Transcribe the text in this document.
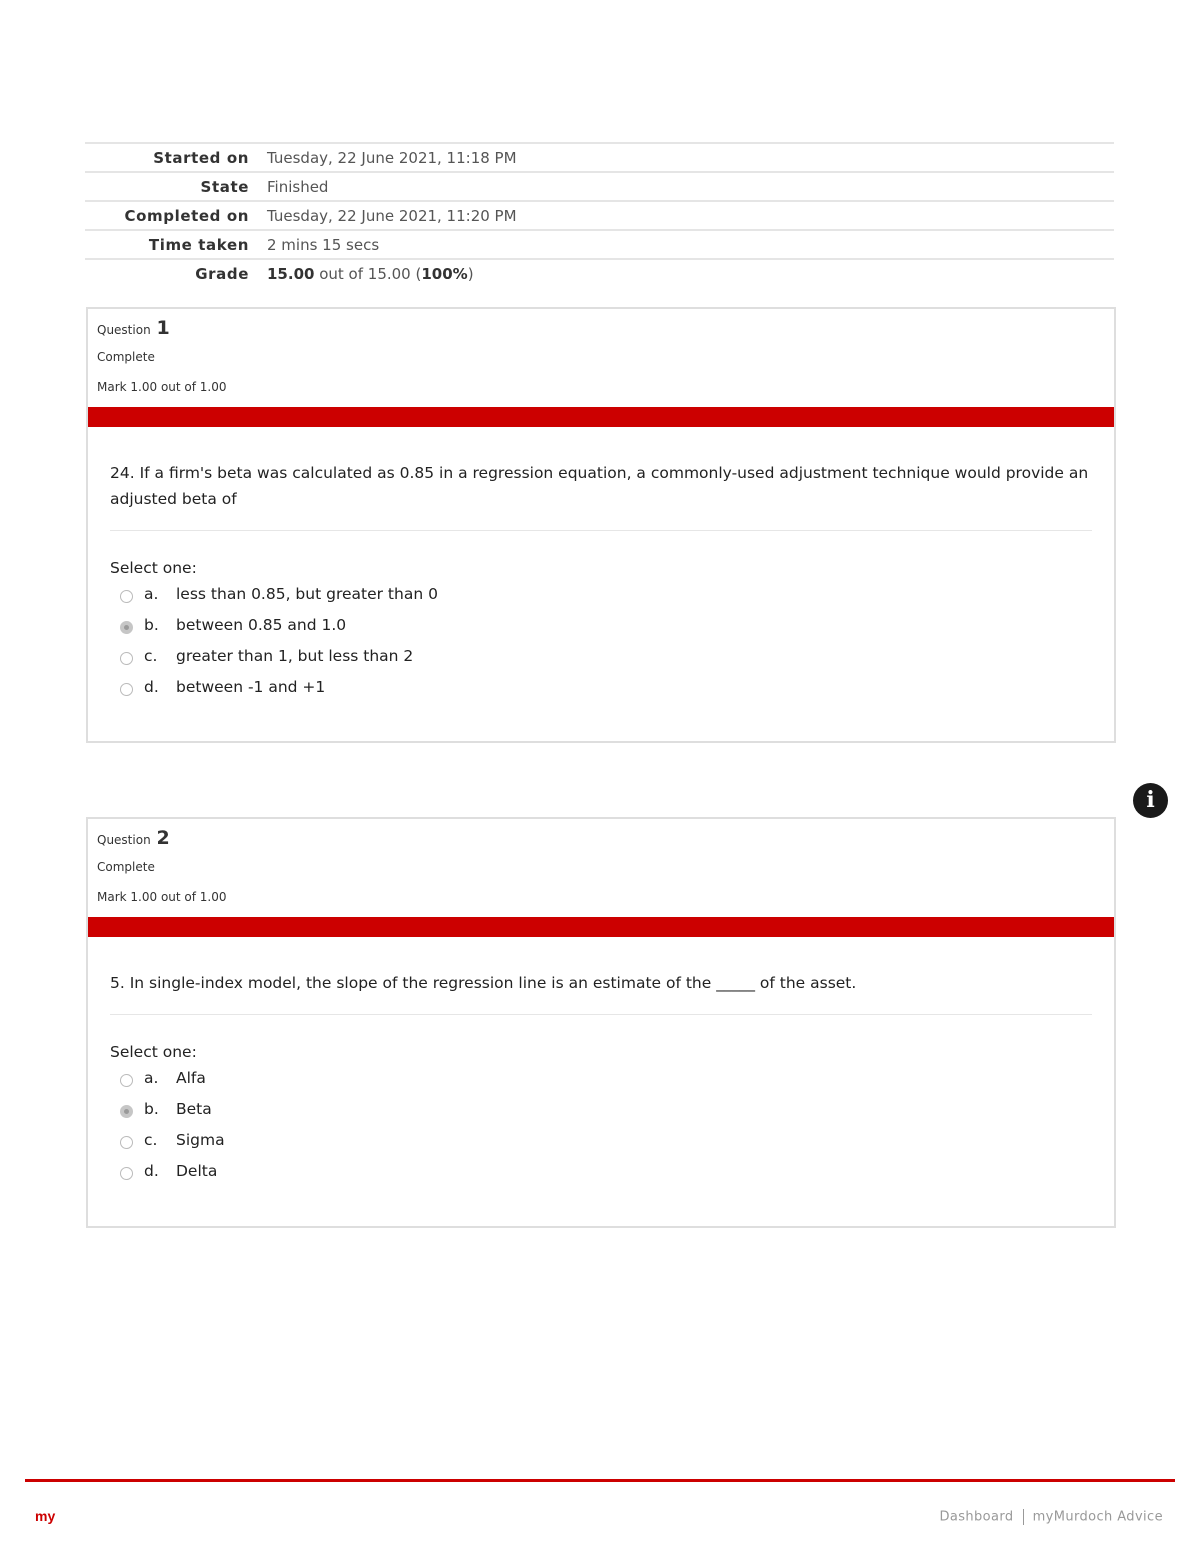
Started on	Tuesday, 22 June 2021, 11:18 PM
State	Finished
Completed on	Tuesday, 22 June 2021, 11:20 PM
Time taken	2 mins 15 secs
Grade	15.00 out of 15.00 (100%)
Question 1
Complete
Mark 1.00 out of 1.00
24. If a firm's beta was calculated as 0.85 in a regression equation, a commonly-used adjustment technique would provide an adjusted beta of
Select one:
a. less than 0.85, but greater than 0
b. between 0.85 and 1.0
c. greater than 1, but less than 2
d. between -1 and +1
i
Question 2
Complete
Mark 1.00 out of 1.00
5. In single-index model, the slope of the regression line is an estimate of the _____ of the asset.
Select one:
a. Alfa
b. Beta
c. Sigma
d. Delta
my	Dashboard myMurdoch Advice
